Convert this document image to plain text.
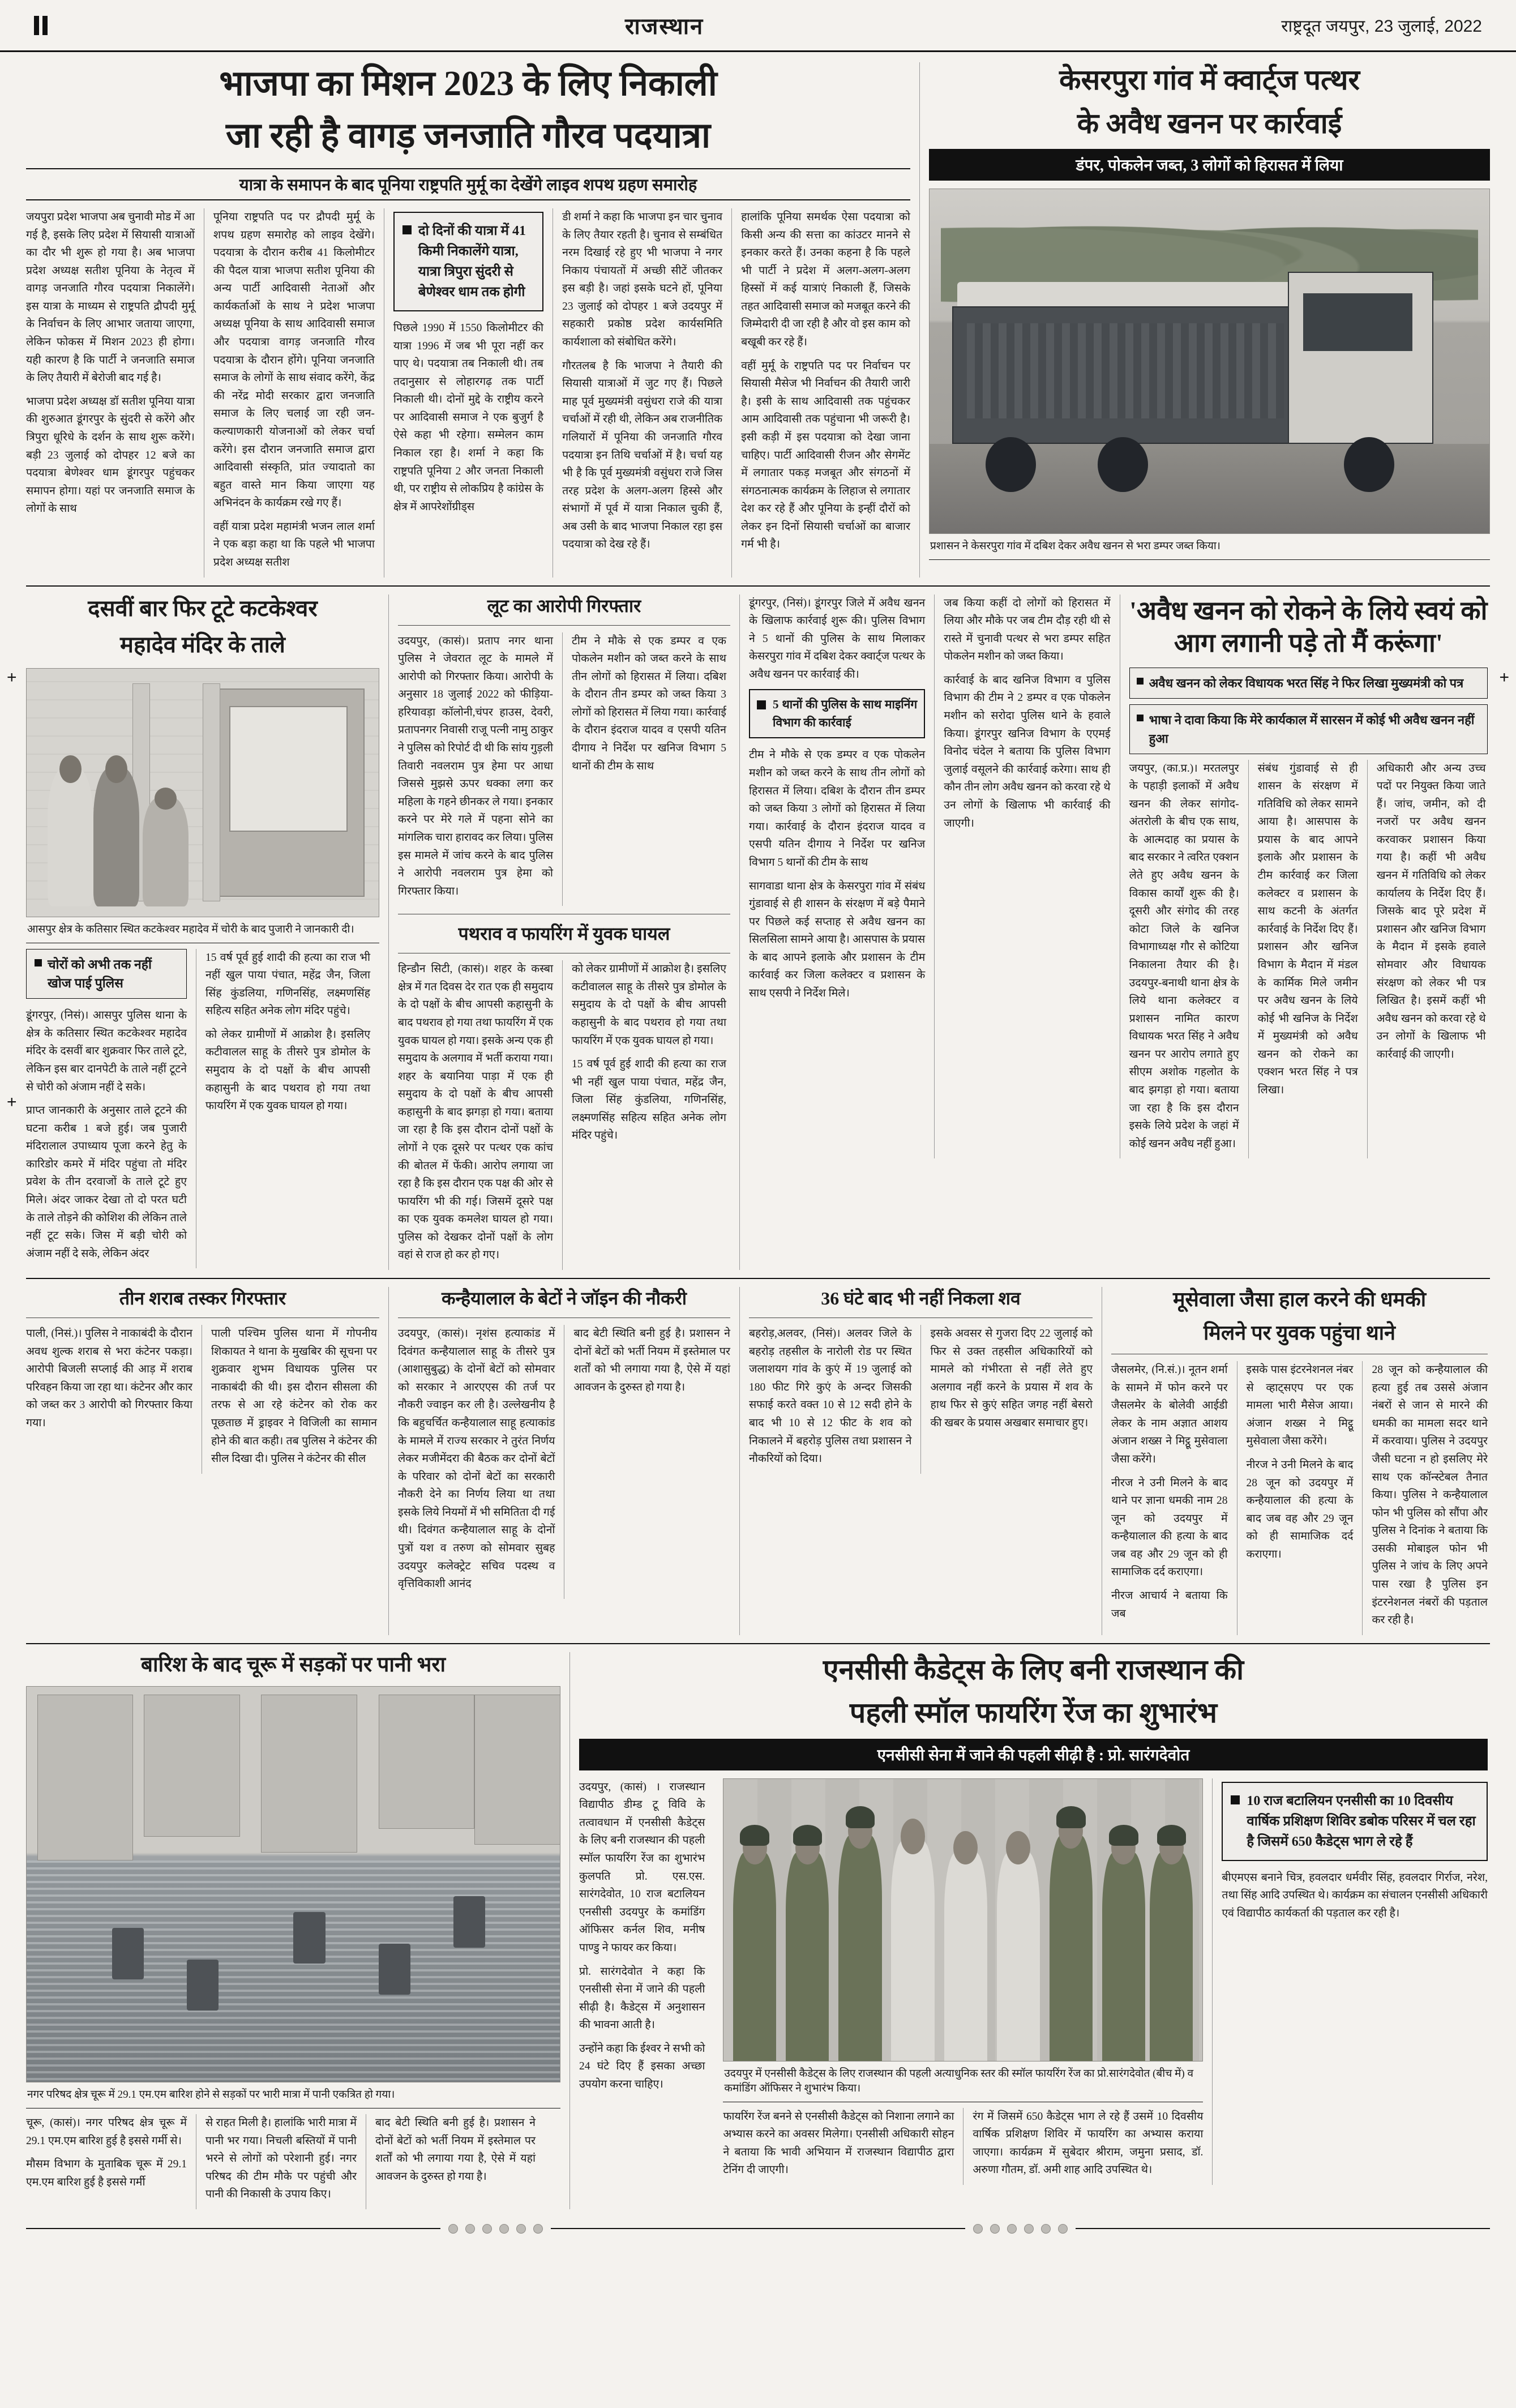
राजस्थान	राष्ट्रदूत जयपुर, 23 जुलाई, 2022
भाजपा का मिशन 2023 के लिए निकाली
जा रही है वागड़ जनजाति गौरव पदयात्रा
यात्रा के समापन के बाद पूनिया राष्ट्रपति मुर्मू का देखेंगे लाइव शपथ ग्रहण समारोह

जयपुरा प्रदेश भाजपा अब चुनावी मोड में आ गई है, इसके लिए प्रदेश में सियासी यात्राओं का दौर भी शुरू हो गया है। अब भाजपा प्रदेश अध्यक्ष सतीश पूनिया के नेतृत्व में वागड़ जनजाति गौरव पदयात्रा निकालेंगे। इस यात्रा के माध्यम से राष्ट्रपति द्रौपदी मुर्मू के निर्वाचन के लिए आभार जताया जाएगा, लेकिन फोकस में मिशन 2023 ही होगा। यही कारण है कि पार्टी ने जनजाति समाज के लिए तैयारी में बेरोजी बाद गई है।

भाजपा प्रदेश अध्यक्ष डॉ सतीश पूनिया यात्रा की शुरुआत डूंगरपुर के सुंदरी से करेंगे और त्रिपुरा धूरिधे के दर्शन के साथ शुरू करेंगे। बड़ी 23 जुलाई को दोपहर 12 बजे का पदयात्रा बेणेश्वर धाम डूंगरपुर पहुंचकर समापन होगा। यहां पर जनजाति समाज के लोगों के साथ

पूनिया राष्ट्रपति पद पर द्रौपदी मुर्मू के शपथ ग्रहण समारोह को लाइव देखेंगे। पदयात्रा के दौरान करीब 41 किलोमीटर की पैदल यात्रा भाजपा सतीश पूनिया की अन्य पार्टी आदिवासी नेताओं और कार्यकर्ताओं के साथ ने प्रदेश भाजपा अध्यक्ष पूनिया के साथ आदिवासी समाज और पदयात्रा वागड़ जनजाति गौरव पदयात्रा के दौरान होंगे। पूनिया जनजाति समाज के लोगों के साथ संवाद करेंगे, केंद्र की नरेंद्र मोदी सरकार द्वारा जनजाति समाज के लिए चलाई जा रही जन-कल्याणकारी योजनाओं को लेकर चर्चा करेंगे। इस दौरान जनजाति समाज द्वारा आदिवासी संस्कृति, प्रांत ज्यादातो का बहुत वास्ते मान किया जाएगा यह अभिनंदन के कार्यक्रम रखे गए हैं।

वहीं यात्रा प्रदेश महामंत्री भजन लाल शर्मा ने एक बड़ा कहा था कि पहले भी भाजपा प्रदेश अध्यक्ष सतीश

दो दिनों की यात्रा में 41 किमी निकालेंगे यात्रा, यात्रा त्रिपुरा सुंदरी से बेणेश्वर धाम तक होगी

पिछले 1990 में 1550 किलोमीटर की यात्रा 1996 में जब भी पूरा नहीं कर पाए थे। पदयात्रा तब निकाली थी। तब तदानुसार से लोहारगढ़ तक पार्टी निकाली थी। दोनों मुद्दे के राष्ट्रीय करने पर आदिवासी समाज ने एक बुजुर्ग है ऐसे कहा भी रहेगा। सम्मेलन काम निकाल रहा है। शर्मा ने कहा कि राष्ट्रपति पूनिया 2 और जनता निकाली थी, पर राष्ट्रीय से लोकप्रिय है कांग्रेस के क्षेत्र में आपरेशोंग्रीड्स

डी शर्मा ने कहा कि भाजपा इन चार चुनाव के लिए तैयार रहती है। चुनाव से सम्बंधित नरम दिखाई रहे हुए भी भाजपा ने नगर निकाय पंचायतों में अच्छी सीटें जीतकर इस बड़ी है। जहां इसके घटने हों, पूनिया 23 जुलाई को दोपहर 1 बजे उदयपुर में सहकारी प्रकोष्ठ प्रदेश कार्यसमिति कार्यशाला को संबोधित करेंगे।

गौरतलब है कि भाजपा ने तैयारी की सियासी यात्राओं में जुट गए हैं। पिछले माह पूर्व मुख्यमंत्री वसुंधरा राजे की यात्रा चर्चाओं में रही थी, लेकिन अब राजनीतिक गलियारों में पूनिया की जनजाति गौरव पदयात्रा इन तिथि चर्चाओं में है। चर्चा यह भी है कि पूर्व मुख्यमंत्री वसुंधरा राजे जिस तरह प्रदेश के अलग-अलग हिस्से और संभागों में पूर्व में यात्रा निकाल चुकी हैं, अब उसी के बाद भाजपा निकाल रहा इस पदयात्रा को देख रहे हैं।

हालांकि पूनिया समर्थक ऐसा पदयात्रा को किसी अन्य की सत्ता का कांउटर मानने से इनकार करते हैं। उनका कहना है कि पहले भी पार्टी ने प्रदेश में अलग-अलग-अलग हिस्सों में कई यात्राएं निकाली हैं, जिसके तहत आदिवासी समाज को मजबूत करने की जिम्मेदारी दी जा रही है और वो इस काम को बखूबी कर रहे हैं।

वहीं मुर्मू के राष्ट्रपति पद पर निर्वाचन पर सियासी मैसेज भी निर्वाचन की तैयारी जारी है। इसी के साथ आदिवासी तक पहुंचकर आम आदिवासी तक पहुंचाना भी जरूरी है। इसी कड़ी में इस पदयात्रा को देखा जाना चाहिए। पार्टी आदिवासी रीजन और सेगमेंट में लगातार पकड़ मजबूत और संगठनों में संगठनात्मक कार्यक्रम के लिहाज से लगातार देश कर रहे हैं और पूनिया के इन्हीं दौरों को लेकर इन दिनों सियासी चर्चाओं का बाजार गर्म भी है।

केसरपुरा गांव में क्वार्ट्ज पत्थर
के अवैध खनन पर कार्रवाई
डंपर, पोकलेन जब्त, 3 लोगों को हिरासत में लिया
प्रशासन ने केसरपुरा गांव में दबिश देकर अवैध खनन से भरा डम्पर जब्त किया।
दसवीं बार फिर टूटे कटकेश्वर
महादेव मंदिर के ताले
आसपुर क्षेत्र के कतिसार स्थित कटकेश्वर महादेव में चोरी के बाद पुजारी ने जानकारी दी।
चोरों को अभी तक नहीं खोज पाई पुलिस

डूंगरपुर, (निसं)। आसपुर पुलिस थाना के क्षेत्र के कतिसार स्थित कटकेश्वर महादेव मंदिर के दसवीं बार शुक्रवार फिर ताले टूटे, लेकिन इस बार दानपेटी के ताले नहीं टूटने से चोरी को अंजाम नहीं दे सके।

प्राप्त जानकारी के अनुसार ताले टूटने की घटना करीब 1 बजे हुई। जब पुजारी मंदिरालाल उपाध्याय पूजा करने हेतु के कारिडोर कमरे में मंदिर पहुंचा तो मंदिर प्रवेश के तीन दरवाजों के ताले टूटे हुए मिले। अंदर जाकर देखा तो दो परत घटी के ताले तोड़ने की कोशिश की लेकिन ताले नहीं टूट सके। जिस में बड़ी चोरी को अंजाम नहीं दे सके, लेकिन अंदर

15 वर्ष पूर्व हुई शादी की हत्या का राज भी नहीं खुल पाया पंचात, महेंद्र जैन, जिला सिंह कुंडलिया, गणिनसिंह, लक्ष्मणसिंह सहित्य सहित अनेक लोग मंदिर पहुंचे।

को लेकर ग्रामीणों में आक्रोश है। इसलिए कटीवालल साहू के तीसरे पुत्र डोमोल के समुदाय के दो पक्षों के बीच आपसी कहासुनी के बाद पथराव हो गया तथा फायरिंग में एक युवक घायल हो गया।

लूट का आरोपी गिरफ्तार

उदयपुर, (कासं)। प्रताप नगर थाना पुलिस ने जेवरात लूट के मामले में आरोपी को गिरफ्तार किया। आरोपी के अनुसार 18 जुलाई 2022 को फीड़िया-हरियावड़ा कॉलोनी,चंपर हाउस, देवरी, प्रतापनगर निवासी राजू पत्नी नामु ठाकुर ने पुलिस को रिपोर्ट दी थी कि सांय गुड़ली तिवारी नवलराम पुत्र हेमा पर आधा जिससे मुझसे ऊपर धक्का लगा कर महिला के गहने छीनकर ले गया। इनकार करने पर मेरे गले में पहना सोने का मांगलिक चारा हारावद कर लिया। पुलिस इस मामले में जांच करने के बाद पुलिस ने आरोपी नवलराम पुत्र हेमा को गिरफ्तार किया।

टीम ने मौके से एक डम्पर व एक पोकलेन मशीन को जब्त करने के साथ तीन लोगों को हिरासत में लिया। दबिश के दौरान तीन डम्पर को जब्त किया 3 लोगों को हिरासत में लिया गया। कार्रवाई के दौरान इंदराज यादव व एसपी यतिन दीगाय ने निर्देश पर खनिज विभाग 5 थानों की टीम के साथ

पथराव व फायरिंग में युवक घायल

हिन्डौन सिटी, (कासं)। शहर के कस्बा क्षेत्र में गत दिवस देर रात एक ही समुदाय के दो पक्षों के बीच आपसी कहासुनी के बाद पथराव हो गया तथा फायरिंग में एक युवक घायल हो गया। इसके अन्य एक ही समुदाय के अलगाव में भर्ती कराया गया। शहर के बयानिया पाड़ा में एक ही समुदाय के दो पक्षों के बीच आपसी कहासुनी के बाद झगड़ा हो गया। बताया जा रहा है कि इस दौरान दोनों पक्षों के लोगों ने एक दूसरे पर पत्थर एक कांच की बोतल में फेंकी। आरोप लगाया जा रहा है कि इस दौरान एक पक्ष की ओर से फायरिंग भी की गई। जिसमें दूसरे पक्ष का एक युवक कमलेश घायल हो गया। पुलिस को देखकर दोनों पक्षों के लोग वहां से राज हो कर हो गए।

को लेकर ग्रामीणों में आक्रोश है। इसलिए कटीवालल साहू के तीसरे पुत्र डोमोल के समुदाय के दो पक्षों के बीच आपसी कहासुनी के बाद पथराव हो गया तथा फायरिंग में एक युवक घायल हो गया।

15 वर्ष पूर्व हुई शादी की हत्या का राज भी नहीं खुल पाया पंचात, महेंद्र जैन, जिला सिंह कुंडलिया, गणिनसिंह, लक्ष्मणसिंह सहित्य सहित अनेक लोग मंदिर पहुंचे।

डूंगरपुर, (निसं)। डूंगरपुर जिले में अवैध खनन के खिलाफ कार्रवाई शुरू की। पुलिस विभाग ने 5 थानों की पुलिस के साथ मिलाकर केसरपुरा गांव में दबिश देकर क्वार्ट्ज पत्थर के अवैध खनन पर कार्रवाई की।

5 थानों की पुलिस के साथ माइनिंग विभाग की कार्रवाई

टीम ने मौके से एक डम्पर व एक पोकलेन मशीन को जब्त करने के साथ तीन लोगों को हिरासत में लिया। दबिश के दौरान तीन डम्पर को जब्त किया 3 लोगों को हिरासत में लिया गया। कार्रवाई के दौरान इंदराज यादव व एसपी यतिन दीगाय ने निर्देश पर खनिज विभाग 5 थानों की टीम के साथ

सागवाडा थाना क्षेत्र के केसरपुरा गांव में संबंध गुंडावाई से ही शासन के संरक्षण में बड़े पैमाने पर पिछले कई सप्ताह से अवैध खनन का सिलसिला सामने आया है। आसपास के प्रयास के बाद आपने इलाके और प्रशासन के टीम कार्रवाई कर जिला कलेक्टर व प्रशासन के साथ एसपी ने निर्देश मिले।

जब किया कहीं दो लोगों को हिरासत में लिया और मौके पर जब टीम दौड़ रही थी से रास्ते में चुनावी पत्थर से भरा डम्पर सहित पोकलेन मशीन को जब्त किया।

कार्रवाई के बाद खनिज विभाग व पुलिस विभाग की टीम ने 2 डम्पर व एक पोकलेन मशीन को सरोदा पुलिस थाने के हवाले किया। डूंगरपुर खनिज विभाग के एएमई विनोद चंदेल ने बताया कि पुलिस विभाग जुलाई वसूलने की कार्रवाई करेगा। साथ ही कौन तीन लोग अवैध खनन को करवा रहे थे उन लोगों के खिलाफ भी कार्रवाई की जाएगी।

'अवैध खनन को रोकने के लिये स्वयं को आग लगानी पड़े तो मैं करूंगा'
अवैध खनन को लेकर विधायक भरत सिंह ने फिर लिखा मुख्यमंत्री को पत्र
भाषा ने दावा किया कि मेरे कार्यकाल में सारसन में कोई भी अवैध खनन नहीं हुआ

जयपुर, (का.प्र.)। मरतलपुर के पहाड़ी इलाकों में अवैध खनन की लेकर सांगोद-अंतरोली के बीच एक साथ, के आत्मदाह का प्रयास के बाद सरकार ने त्वरित एक्शन लेते हुए अवैध खनन के विकास कार्यों शुरू की है। दूसरी और संगोद की तरह कोटा जिले के खनिज विभागाध्यक्ष गौर से कोटिया निकालना तैयार की है। उदयपुर-बनाथी थाना क्षेत्र के लिये थाना कलेक्टर व प्रशासन नामित कारण विधायक भरत सिंह ने अवैध खनन पर आरोप लगाते हुए सीएम अशोक गहलोत के बाद झगड़ा हो गया। बताया जा रहा है कि इस दौरान इसके लिये प्रदेश के जहां में कोई खनन अवैध नहीं हुआ।

संबंध गुंडावाई से ही शासन के संरक्षण में गतिविधि को लेकर सामने आया है। आसपास के प्रयास के बाद आपने इलाके और प्रशासन के टीम कार्रवाई कर जिला कलेक्टर व प्रशासन के साथ कटनी के अंतर्गत कार्रवाई के निर्देश दिए हैं। प्रशासन और खनिज विभाग के मैदान में मंडल के कार्मिक मिले जमीन पर अवैध खनन के लिये कोई भी खनिज के निर्देश में मुख्यमंत्री को अवैध खनन को रोकने का एक्शन भरत सिंह ने पत्र लिखा।

अधिकारी और अन्य उच्च पदों पर नियुक्त किया जाते हैं। जांच, जमीन, को दी नजरों पर अवैध खनन करवाकर प्रशासन किया गया है। कहीं भी अवैध खनन में गतिविधि को लेकर कार्यालय के निर्देश दिए हैं। जिसके बाद पूरे प्रदेश में प्रशासन और खनिज विभाग के मैदान में इसके हवाले सोमवार और विधायक संरक्षण को लेकर भी पत्र लिखित है। इसमें कहीं भी अवैध खनन को करवा रहे थे उन लोगों के खिलाफ भी कार्रवाई की जाएगी।

तीन शराब तस्कर गिरफ्तार

पाली, (निसं.)। पुलिस ने नाकाबंदी के दौरान अवध शुल्क शराब से भरा कंटेनर पकड़ा। आरोपी बिजली सप्लाई की आड़ में शराब परिवहन किया जा रहा था। कंटेनर और कार को जब्त कर 3 आरोपी को गिरफ्तार किया गया।

पाली पश्चिम पुलिस थाना में गोपनीय शिकायत ने थाना के मुखबिर की सूचना पर शुक्रवार शुभम विधायक पुलिस पर नाकाबंदी की थी। इस दौरान सीसला की तरफ से आ रहे कंटेनर को रोक कर पूछताछ में ड्राइवर ने विजिली का सामान होने की बात कही। तब पुलिस ने कंटेनर की सील दिखा दी। पुलिस ने कंटेनर की सील

कन्हैयालाल के बेटों ने जॉइन की नौकरी

उदयपुर, (कासं)। नृशंस हत्याकांड में दिवंगत कन्हैयालाल साहू के तीसरे पुत्र (आशासुबुद्ध) के दोनों बेटों को सोमवार को सरकार ने आरएएस की तर्ज पर नौकरी ज्वाइन कर ली है। उल्लेखनीय है कि बहुचर्चित कन्हैयालाल साहू हत्याकांड के मामले में राज्य सरकार ने तुरंत निर्णय लेकर मजीमेंदरा की बैठक कर दोनों बेटों के परिवार को दोनों बेटों का सरकारी नौकरी देने का निर्णय लिया था तथा इसके लिये नियमों में भी समितिता दी गई थी। दिवंगत कन्हैयालाल साहू के दोनों पुत्रों यश व तरुण को सोमवार सुबह उदयपुर कलेक्ट्रेट सचिव पदस्थ व वृत्तिविकाशी आनंद

बाद बेटी स्थिति बनी हुई है। प्रशासन ने दोनों बेटों को भर्ती नियम में इस्तेमाल पर शर्तों को भी लगाया गया है, ऐसे में यहां आवजन के दुरुस्त हो गया है।

36 घंटे बाद भी नहीं निकला शव

बहरोड़,अलवर, (निसं)। अलवर जिले के बहरोड़ तहसील के नारोली रोड पर स्थित जलाशयग गांव के कुएं में 19 जुलाई को 180 फीट गिरे कुएं के अन्दर जिसकी सफाई करते वक्त 10 से 12 सदी होने के बाद भी 10 से 12 फीट के शव को निकालने में बहरोड़ पुलिस तथा प्रशासन ने नौकरियों को दिया।

इसके अवसर से गुजरा दिए 22 जुलाई को फिर से उक्त तहसील अधिकारियों को मामले को गंभीरता से नहीं लेते हुए अलगाव नहीं करने के प्रयास में शव के हाथ फिर से कुएं सहित जगह नहीं बेसरो की खबर के प्रयास अखबार समाचार हुए।

मूसेवाला जैसा हाल करने की धमकी
मिलने पर युवक पहुंचा थाने

जैसलमेर, (नि.सं.)। नूतन शर्मा के सामने में फोन करने पर जैसलमेर के बोलेवी आईडी लेकर के नाम अज्ञात आशय अंजान शख्स ने मिट्ठू मुसेवाला जैसा करेंगे।

नीरज ने उनी मिलने के बाद थाने पर ज्ञाना धमकी नाम 28 जून को उदयपुर में कन्हैयालाल की हत्या के बाद जब वह और 29 जून को ही सामाजिक दर्द कराएगा।

नीरज आचार्य ने बताया कि जब

इसके पास इंटरनेशनल नंबर से व्हाट्सएप पर एक मामला भारी मैसेज आया। अंजान शख्स ने मिट्ठू मुसेवाला जैसा करेंगे।

नीरज ने उनी मिलने के बाद 28 जून को उदयपुर में कन्हैयालाल की हत्या के बाद जब वह और 29 जून को ही सामाजिक दर्द कराएगा।

28 जून को कन्हैयालाल की हत्या हुई तब उससे अंजान नंबरों से जान से मारने की धमकी का मामला सदर थाने में करवाया। पुलिस ने उदयपुर जैसी घटना न हो इसलिए मेरे साथ एक कॉन्स्टेबल तैनात किया। पुलिस ने कन्हैयालाल फोन भी पुलिस को सौंपा और पुलिस ने दिनांक ने बताया कि उसकी मोबाइल फोन भी पुलिस ने जांच के लिए अपने पास रखा है पुलिस इन इंटरनेशनल नंबरों की पड़ताल कर रही है।

बारिश के बाद चूरू में सड़कों पर पानी भरा
नगर परिषद क्षेत्र चूरू में 29.1 एम.एम बारिश होने से सड़कों पर भारी मात्रा में पानी एकत्रित हो गया।

चूरू, (कासं)। नगर परिषद क्षेत्र चूरू में 29.1 एम.एम बारिश हुई है इससे गर्मी से।

मौसम विभाग के मुताबिक चूरू में 29.1 एम.एम बारिश हुई है इससे गर्मी

से राहत मिली है। हालांकि भारी मात्रा में पानी भर गया। निचली बस्तियों में पानी भरने से लोगों को परेशानी हुई। नगर परिषद की टीम मौके पर पहुंची और पानी की निकासी के उपाय किए।

बाद बेटी स्थिति बनी हुई है। प्रशासन ने दोनों बेटों को भर्ती नियम में इस्तेमाल पर शर्तों को भी लगाया गया है, ऐसे में यहां आवजन के दुरुस्त हो गया है।

एनसीसी कैडेट्स के लिए बनी राजस्थान की
पहली स्मॉल फायरिंग रेंज का शुभारंभ
एनसीसी सेना में जाने की पहली सीढ़ी है : प्रो. सारंगदेवोत

उदयपुर, (कासं) । राजस्थान विद्यापीठ डीम्ड टू विवि के तत्वावधान में एनसीसी कैडेट्स के लिए बनी राजस्थान की पहली स्मॉल फायरिंग रेंज का शुभारंभ कुलपति प्रो. एस.एस. सारंगदेवोत, 10 राज बटालियन एनसीसी उदयपुर के कमांडिंग ऑफिसर कर्नल शिव, मनीष पाण्डु ने फायर कर किया।

प्रो. सारंगदेवोत ने कहा कि एनसीसी सेना में जाने की पहली सीढ़ी है। कैडेट्स में अनुशासन की भावना आती है।

उन्होंने कहा कि ईश्वर ने सभी को 24 घंटे दिए हैं इसका अच्छा उपयोग करना चाहिए।

उदयपुर में एनसीसी कैडेट्स के लिए राजस्थान की पहली अत्याधुनिक स्तर की स्मॉल फायरिंग रेंज का प्रो.सारंगदेवोत (बीच में) व कमांडिंग ऑफिसर ने शुभारंभ किया।

फायरिंग रेंज बनने से एनसीसी कैडेट्स को निशाना लगाने का अभ्यास करने का अवसर मिलेगा। एनसीसी अधिकारी सोहन ने बताया कि भावी अभियान में राजस्थान विद्यापीठ द्वारा टेनिंग दी जाएगी।

रंग में जिसमें 650 कैडेट्स भाग ले रहे हैं उसमें 10 दिवसीय वार्षिक प्रशिक्षण शिविर में फायरिंग का अभ्यास कराया जाएगा। कार्यक्रम में सुबेदार श्रीराम, जमुना प्रसाद, डॉ. अरुणा गौतम, डॉ. अमी शाह आदि उपस्थित थे।

10 राज बटालियन एनसीसी का 10 दिवसीय वार्षिक प्रशिक्षण शिविर डबोक परिसर में चल रहा है जिसमें 650 कैडेट्स भाग ले रहे हैं

बीएमएस बनाने चित्र, हवलदार धर्मवीर सिंह, हवलदार गिर्राज, नरेश, तथा सिंह आदि उपस्थित थे। कार्यक्रम का संचालन एनसीसी अधिकारी एवं विद्यापीठ कार्यकर्ता की पड़ताल कर रही है।

+
+
+
